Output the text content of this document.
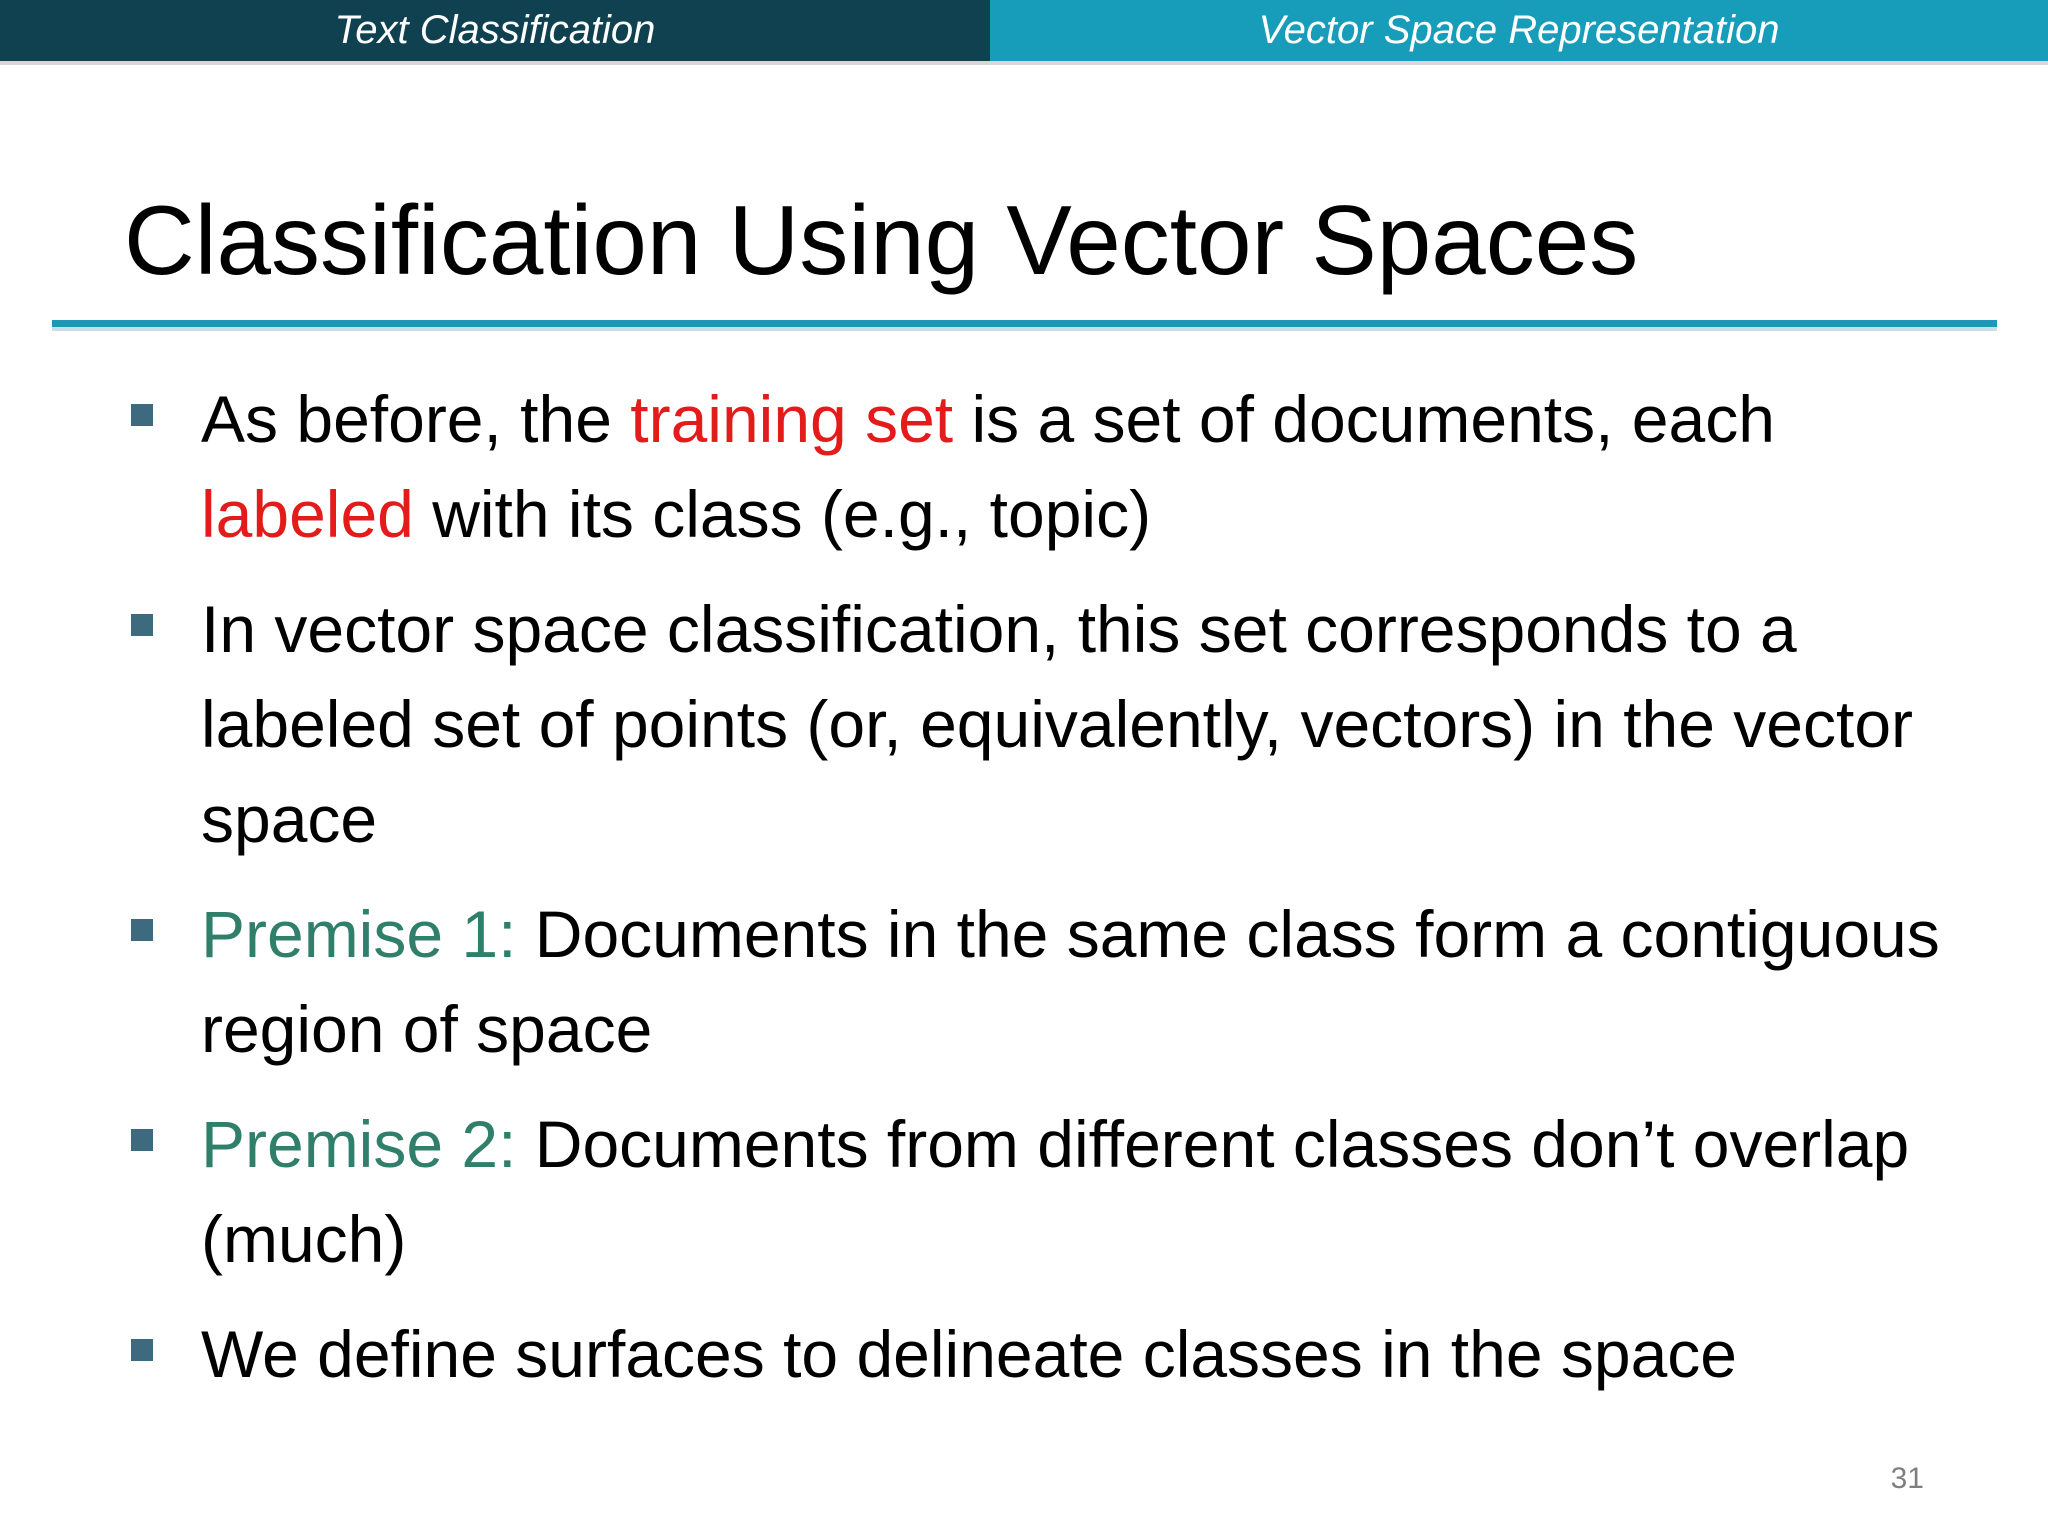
Text Classification	Vector Space Representation
Classification Using Vector Spaces
As before, the training set is a set of documents, each labeled with its class (e.g., topic)
In vector space classification, this set corresponds to a labeled set of points (or, equivalently, vectors) in the vector space
Premise 1: Documents in the same class form a contiguous region of space
Premise 2: Documents from different classes don’t overlap (much)
We define surfaces to delineate classes in the space
31
